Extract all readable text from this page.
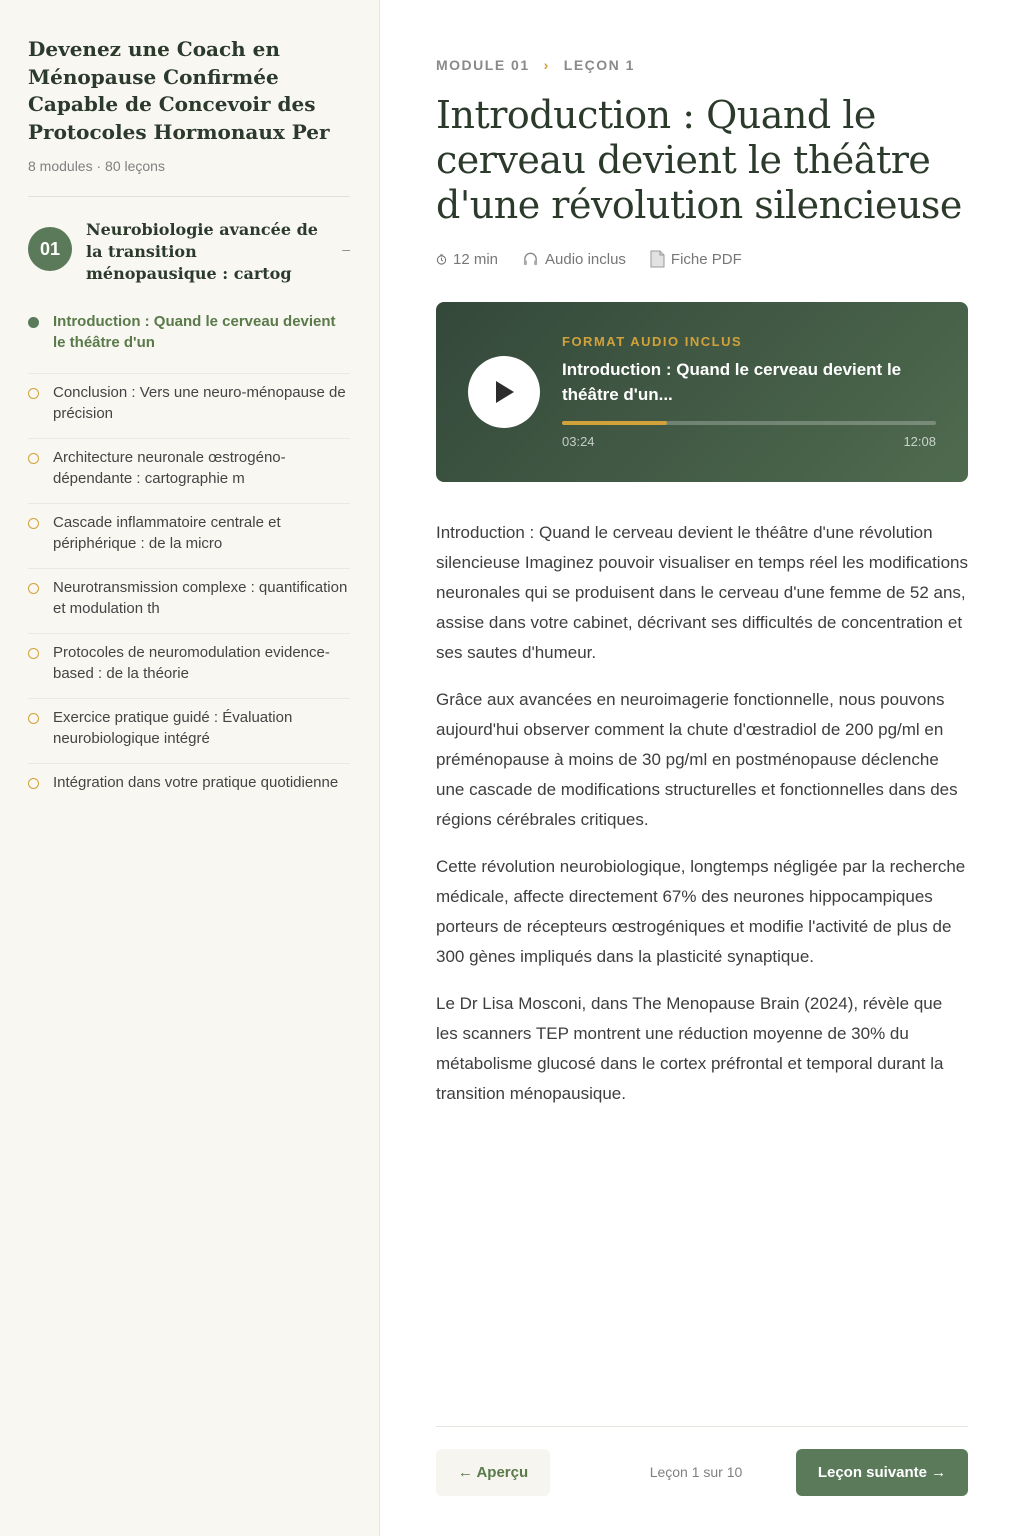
Devenez une Coach en Ménopause Confirmée Capable de Concevoir des Protocoles Hormonaux Per
8 modules · 80 leçons
01
Neurobiologie avancée de la transition ménopausique : cartog
–
Introduction : Quand le cerveau devient le théâtre d'un
Conclusion : Vers une neuro-ménopause de précision
Architecture neuronale œstrogéno-dépendante : cartographie m
Cascade inflammatoire centrale et périphérique : de la micro
Neurotransmission complexe : quantification et modulation th
Protocoles de neuromodulation evidence-based : de la théorie
Exercice pratique guidé : Évaluation neurobiologique intégré
Intégration dans votre pratique quotidienne
MODULE 01 › LEÇON 1
Introduction : Quand le cerveau devient le théâtre d'une révolution silencieuse
12 min	Audio inclus	Fiche PDF
FORMAT AUDIO INCLUS
Introduction : Quand le cerveau devient le théâtre d'un...
03:24	12:08

Introduction : Quand le cerveau devient le théâtre d'une révolution silencieuse Imaginez pouvoir visualiser en temps réel les modifications neuronales qui se produisent dans le cerveau d'une femme de 52 ans, assise dans votre cabinet, décrivant ses difficultés de concentration et ses sautes d'humeur.

Grâce aux avancées en neuroimagerie fonctionnelle, nous pouvons aujourd'hui observer comment la chute d'œstradiol de 200 pg/ml en préménopause à moins de 30 pg/ml en postménopause déclenche une cascade de modifications structurelles et fonctionnelles dans des régions cérébrales critiques.

Cette révolution neurobiologique, longtemps négligée par la recherche médicale, affecte directement 67% des neurones hippocampiques porteurs de récepteurs œstrogéniques et modifie l'activité de plus de 300 gènes impliqués dans la plasticité synaptique.

Le Dr Lisa Mosconi, dans The Menopause Brain (2024), révèle que les scanners TEP montrent une réduction moyenne de 30% du métabolisme glucosé dans le cortex préfrontal et temporal durant la transition ménopausique.

← Aperçu	Leçon 1 sur 10	Leçon suivante →
